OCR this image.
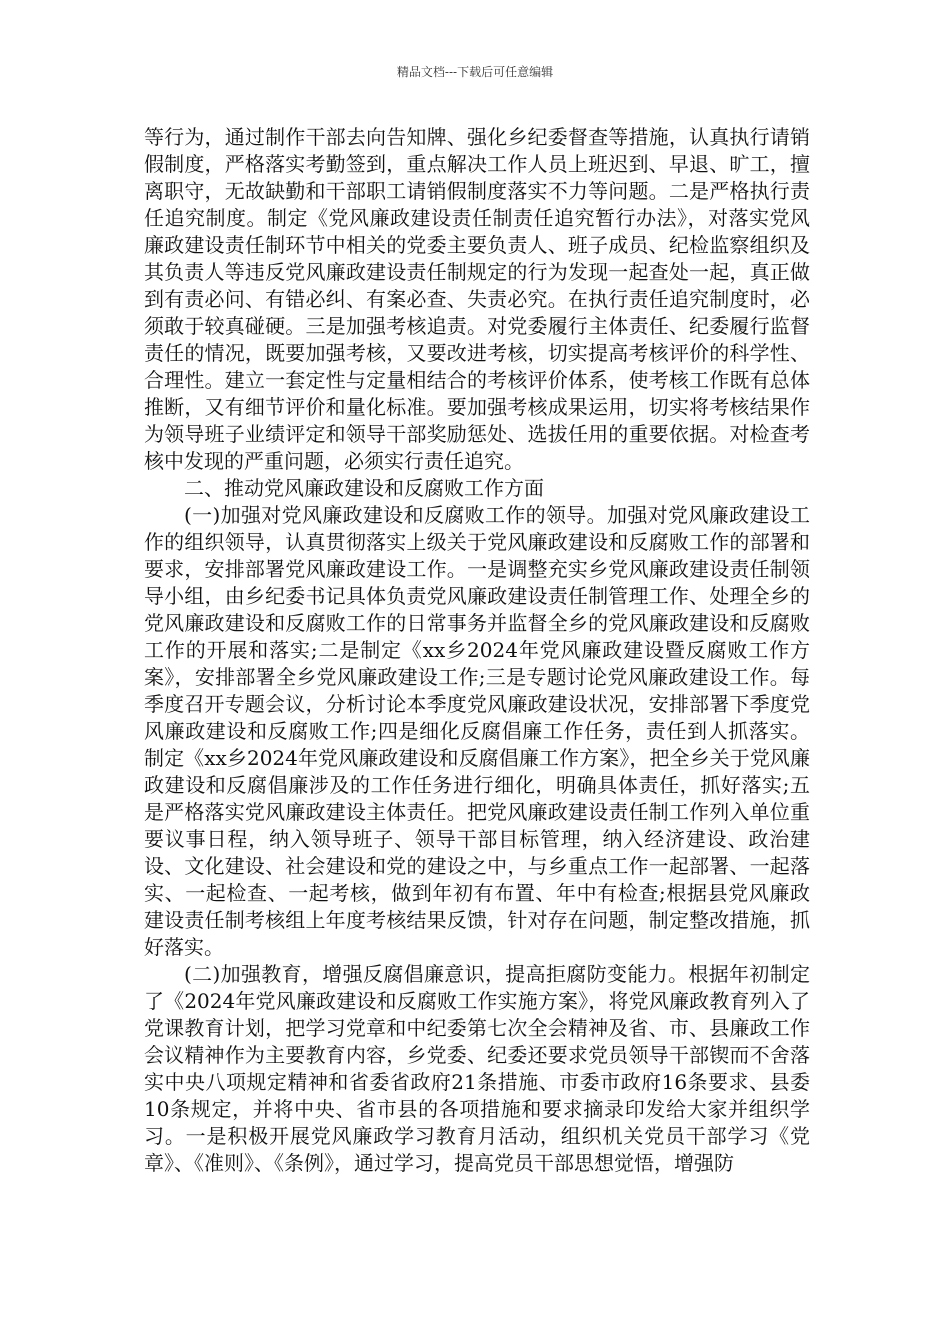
精品文档---下载后可任意编辑

等行为，通过制作干部去向告知牌、强化乡纪委督查等措施，认真执行请销假制度，严格落实考勤签到，重点解决工作人员上班迟到、早退、旷工，擅离职守，无故缺勤和干部职工请销假制度落实不力等问题。二是严格执行责任追究制度。制定《党风廉政建设责任制责任追究暂行办法》，对落实党风廉政建设责任制环节中相关的党委主要负责人、班子成员、纪检监察组织及其负责人等违反党风廉政建设责任制规定的行为发现一起查处一起，真正做到有责必问、有错必纠、有案必查、失责必究。在执行责任追究制度时，必须敢于较真碰硬。三是加强考核追责。对党委履行主体责任、纪委履行监督责任的情况，既要加强考核，又要改进考核，切实提高考核评价的科学性、合理性。建立一套定性与定量相结合的考核评价体系，使考核工作既有总体推断，又有细节评价和量化标准。要加强考核成果运用，切实将考核结果作为领导班子业绩评定和领导干部奖励惩处、选拔任用的重要依据。对检查考核中发现的严重问题，必须实行责任追究。

二、推动党风廉政建设和反腐败工作方面

(一)加强对党风廉政建设和反腐败工作的领导。加强对党风廉政建设工作的组织领导，认真贯彻落实上级关于党风廉政建设和反腐败工作的部署和要求，安排部署党风廉政建设工作。一是调整充实乡党风廉政建设责任制领导小组，由乡纪委书记具体负责党风廉政建设责任制管理工作、处理全乡的党风廉政建设和反腐败工作的日常事务并监督全乡的党风廉政建设和反腐败工作的开展和落实;二是制定《xx乡2024年党风廉政建设暨反腐败工作方案》，安排部署全乡党风廉政建设工作;三是专题讨论党风廉政建设工作。每季度召开专题会议，分析讨论本季度党风廉政建设状况，安排部署下季度党风廉政建设和反腐败工作;四是细化反腐倡廉工作任务，责任到人抓落实。制定《xx乡2024年党风廉政建设和反腐倡廉工作方案》，把全乡关于党风廉政建设和反腐倡廉涉及的工作任务进行细化，明确具体责任，抓好落实;五是严格落实党风廉政建设主体责任。把党风廉政建设责任制工作列入单位重要议事日程，纳入领导班子、领导干部目标管理，纳入经济建设、政治建设、文化建设、社会建设和党的建设之中，与乡重点工作一起部署、一起落实、一起检查、一起考核，做到年初有布置、年中有检查;根据县党风廉政建设责任制考核组上年度考核结果反馈，针对存在问题，制定整改措施，抓好落实。

(二)加强教育，增强反腐倡廉意识，提高拒腐防变能力。根据年初制定了《2024年党风廉政建设和反腐败工作实施方案》，将党风廉政教育列入了党课教育计划，把学习党章和中纪委第七次全会精神及省、市、县廉政工作会议精神作为主要教育内容，乡党委、纪委还要求党员领导干部锲而不舍落实中央八项规定精神和省委省政府21条措施、市委市政府16条要求、县委10条规定，并将中央、省市县的各项措施和要求摘录印发给大家并组织学习。一是积极开展党风廉政学习教育月活动，组织机关党员干部学习《党章》、《准则》、《条例》，通过学习，提高党员干部思想觉悟，增强防
